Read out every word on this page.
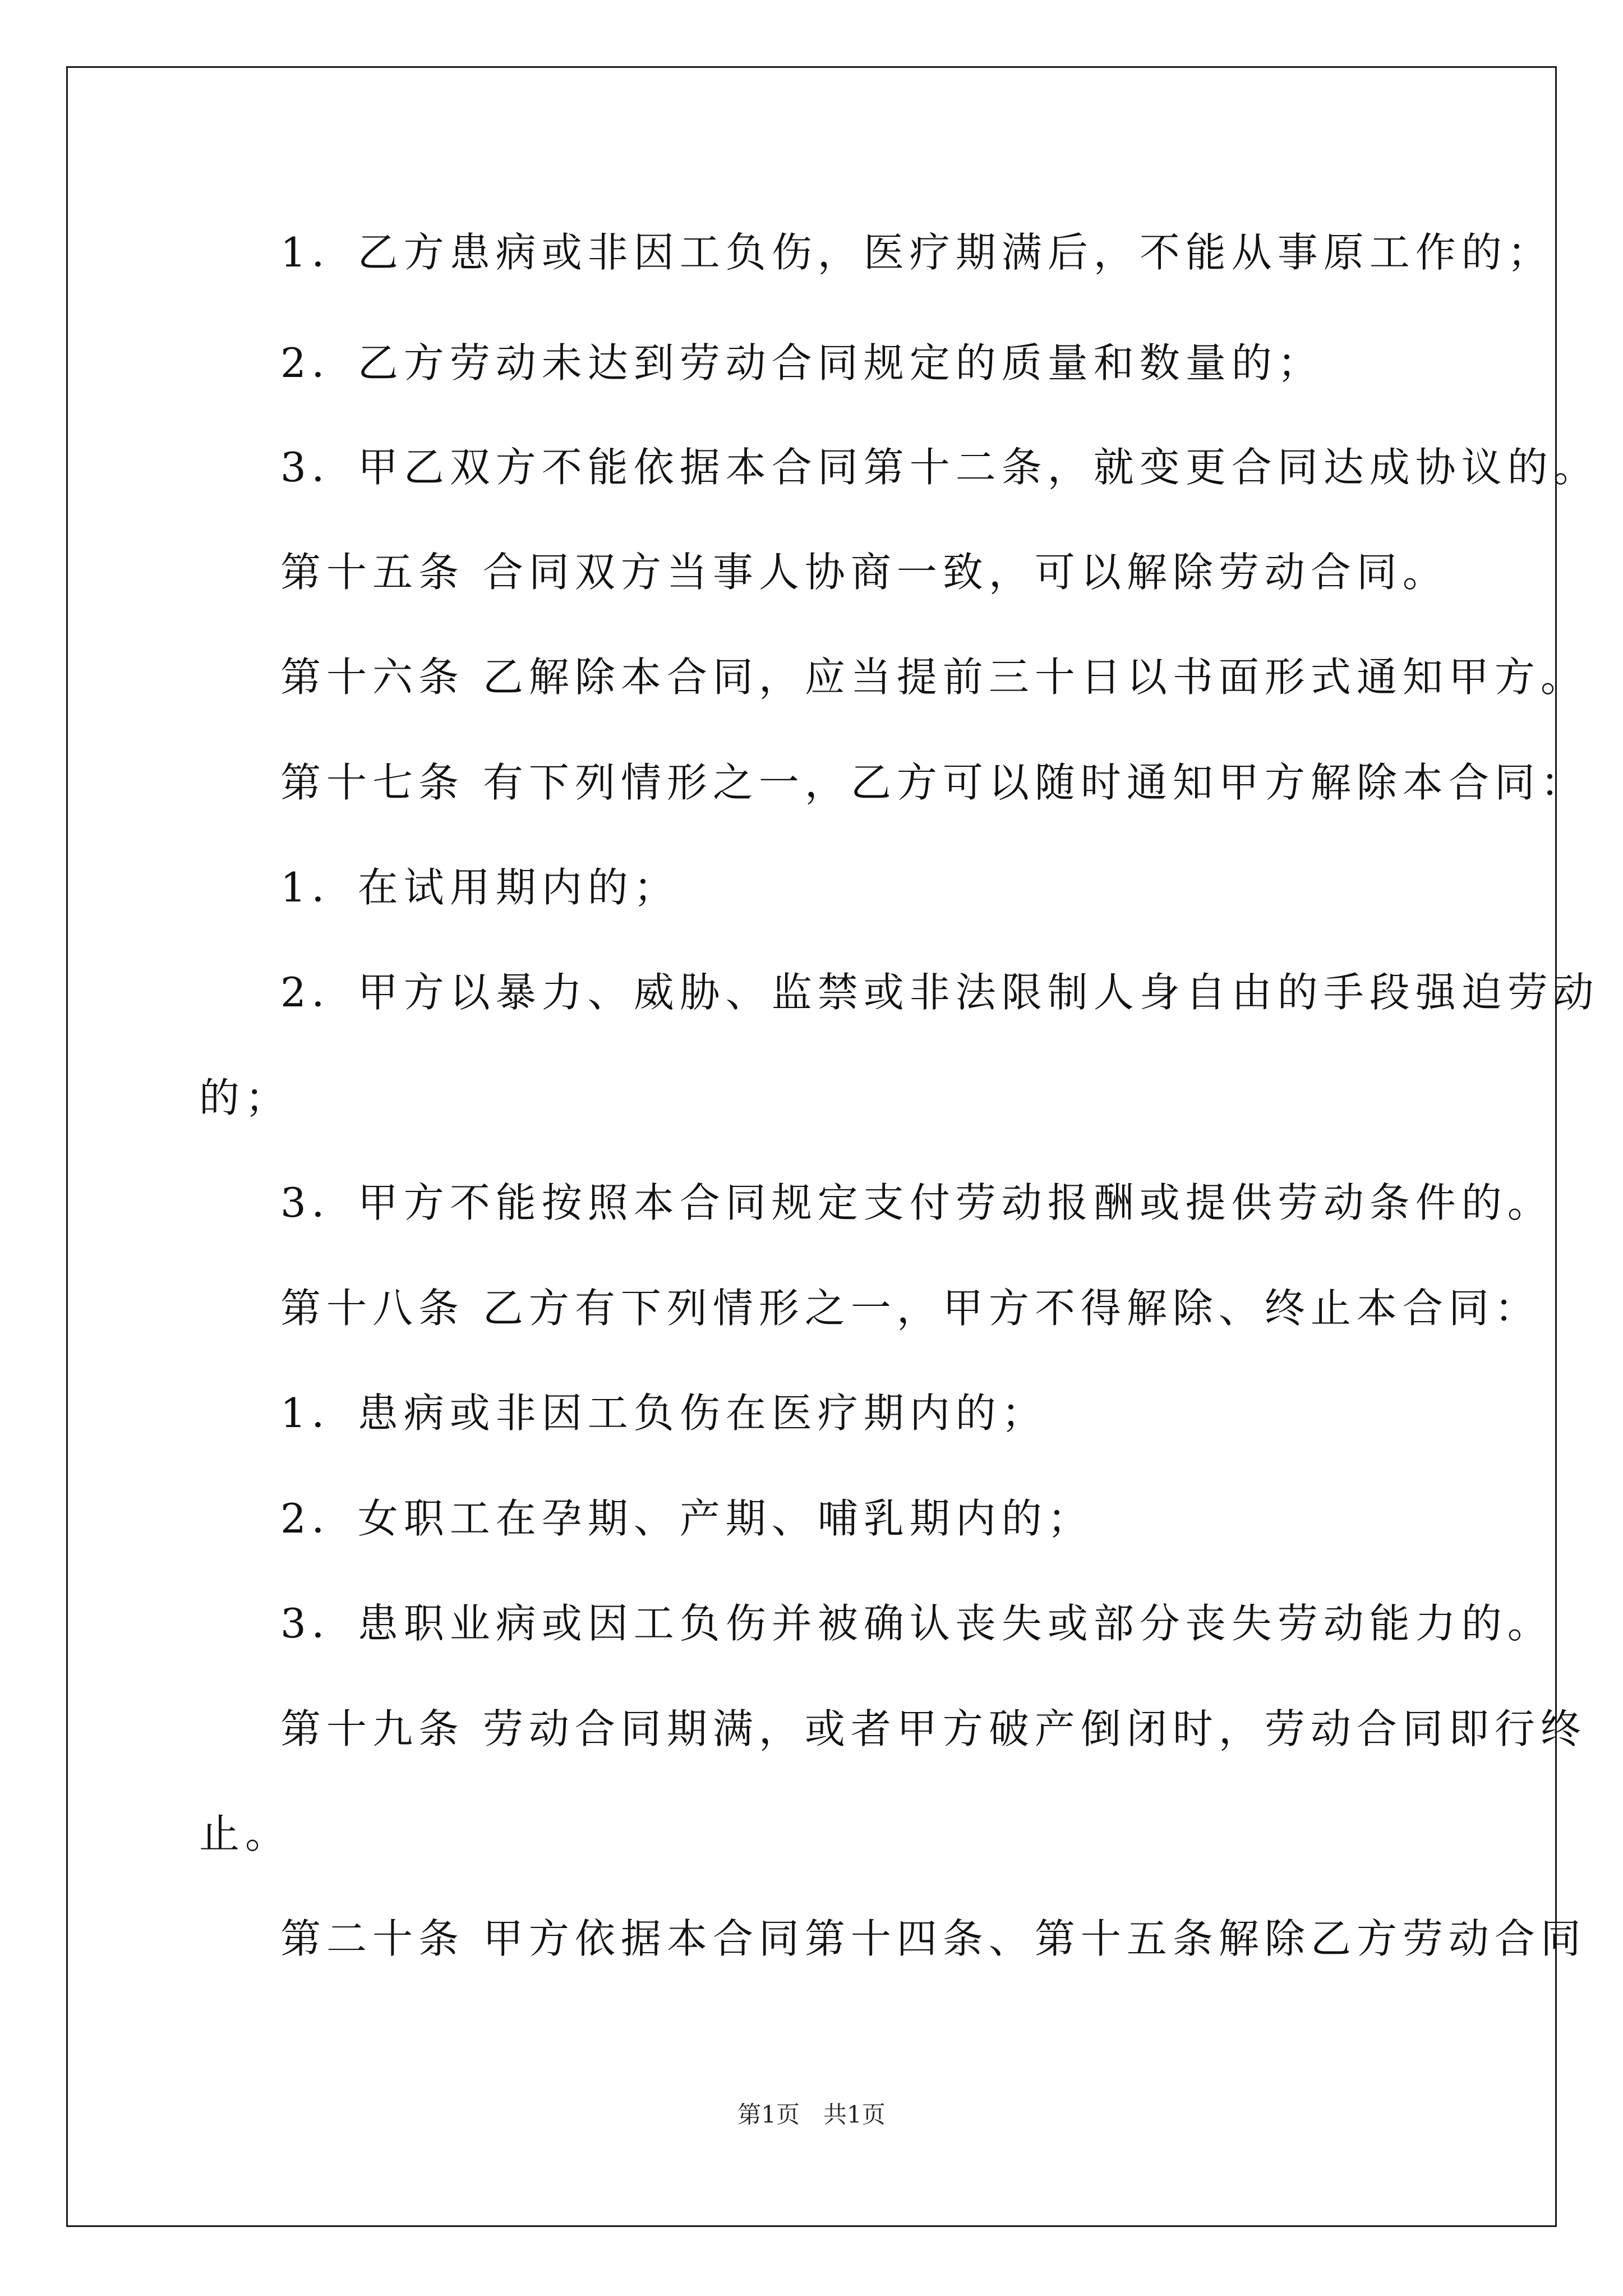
1．乙方患病或非因工负伤，医疗期满后，不能从事原工作的；
2．乙方劳动未达到劳动合同规定的质量和数量的；
3．甲乙双方不能依据本合同第十二条，就变更合同达成协议的。
第十五条 合同双方当事人协商一致，可以解除劳动合同。
第十六条 乙解除本合同，应当提前三十日以书面形式通知甲方。
第十七条 有下列情形之一，乙方可以随时通知甲方解除本合同：
1．在试用期内的；
2．甲方以暴力、威胁、监禁或非法限制人身自由的手段强迫劳动
的；
3．甲方不能按照本合同规定支付劳动报酬或提供劳动条件的。
第十八条 乙方有下列情形之一，甲方不得解除、终止本合同：
1．患病或非因工负伤在医疗期内的；
2．女职工在孕期、产期、哺乳期内的；
3．患职业病或因工负伤并被确认丧失或部分丧失劳动能力的。
第十九条 劳动合同期满，或者甲方破产倒闭时，劳动合同即行终
止。
第二十条 甲方依据本合同第十四条、第十五条解除乙方劳动合同
第1页　共1页
